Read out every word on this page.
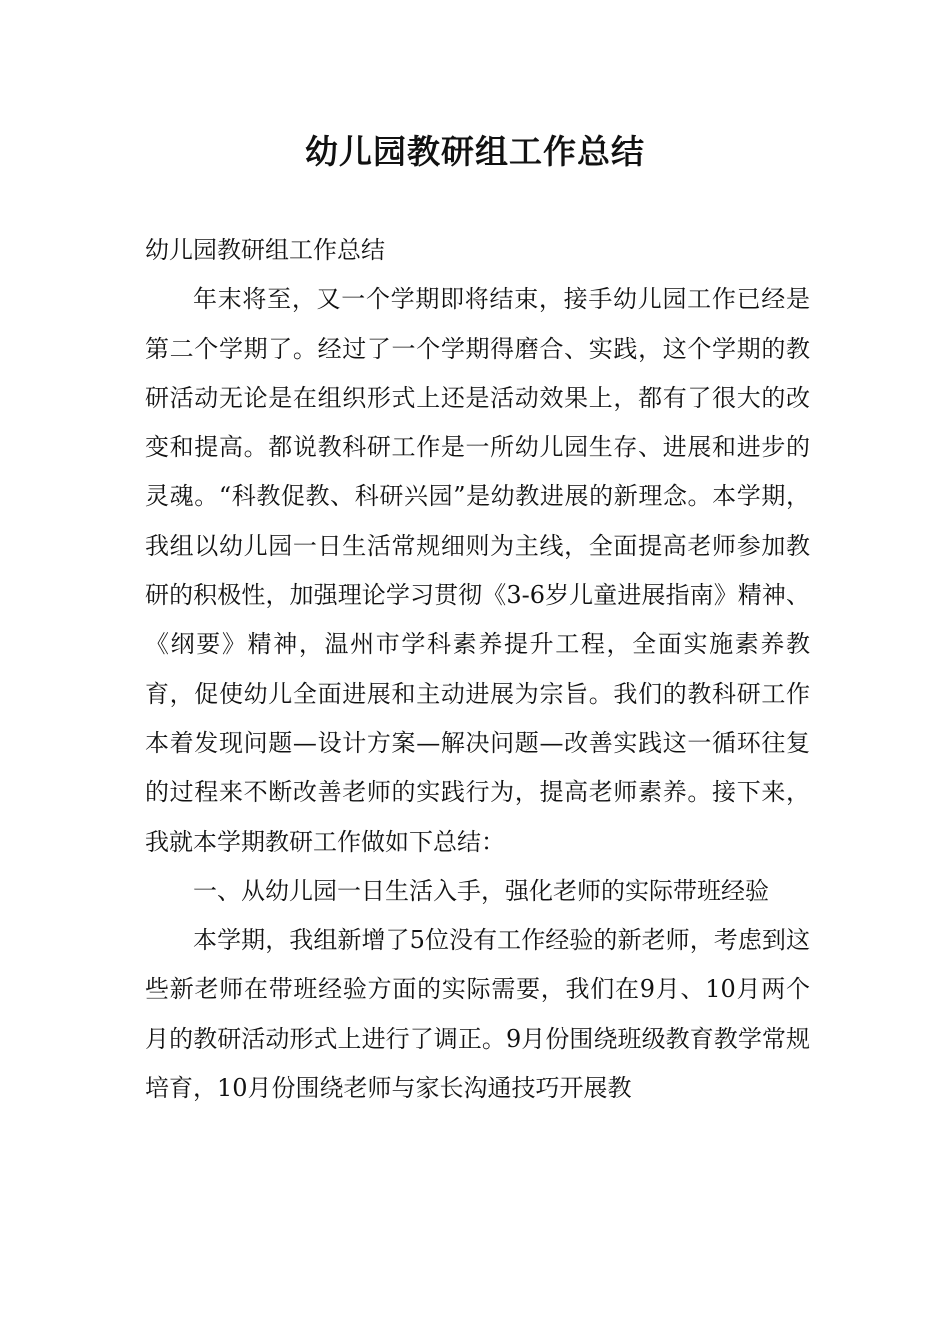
幼儿园教研组工作总结

幼儿园教研组工作总结

年末将至，又一个学期即将结束，接手幼儿园工作已经是第二个学期了。经过了一个学期得磨合、实践，这个学期的教研活动无论是在组织形式上还是活动效果上，都有了很大的改变和提高。都说教科研工作是一所幼儿园生存、进展和进步的灵魂。“科教促教、科研兴园”是幼教进展的新理念。本学期，我组以幼儿园一日生活常规细则为主线，全面提高老师参加教研的积极性，加强理论学习贯彻《3-6岁儿童进展指南》精神、《纲要》精神，温州市学科素养提升工程，全面实施素养教育，促使幼儿全面进展和主动进展为宗旨。我们的教科研工作本着发现问题—设计方案—解决问题—改善实践这一循环往复的过程来不断改善老师的实践行为，提高老师素养。接下来，我就本学期教研工作做如下总结：

一、从幼儿园一日生活入手，强化老师的实际带班经验

本学期，我组新增了5位没有工作经验的新老师，考虑到这些新老师在带班经验方面的实际需要，我们在9月、10月两个月的教研活动形式上进行了调正。9月份围绕班级教育教学常规培育，10月份围绕老师与家长沟通技巧开展教
